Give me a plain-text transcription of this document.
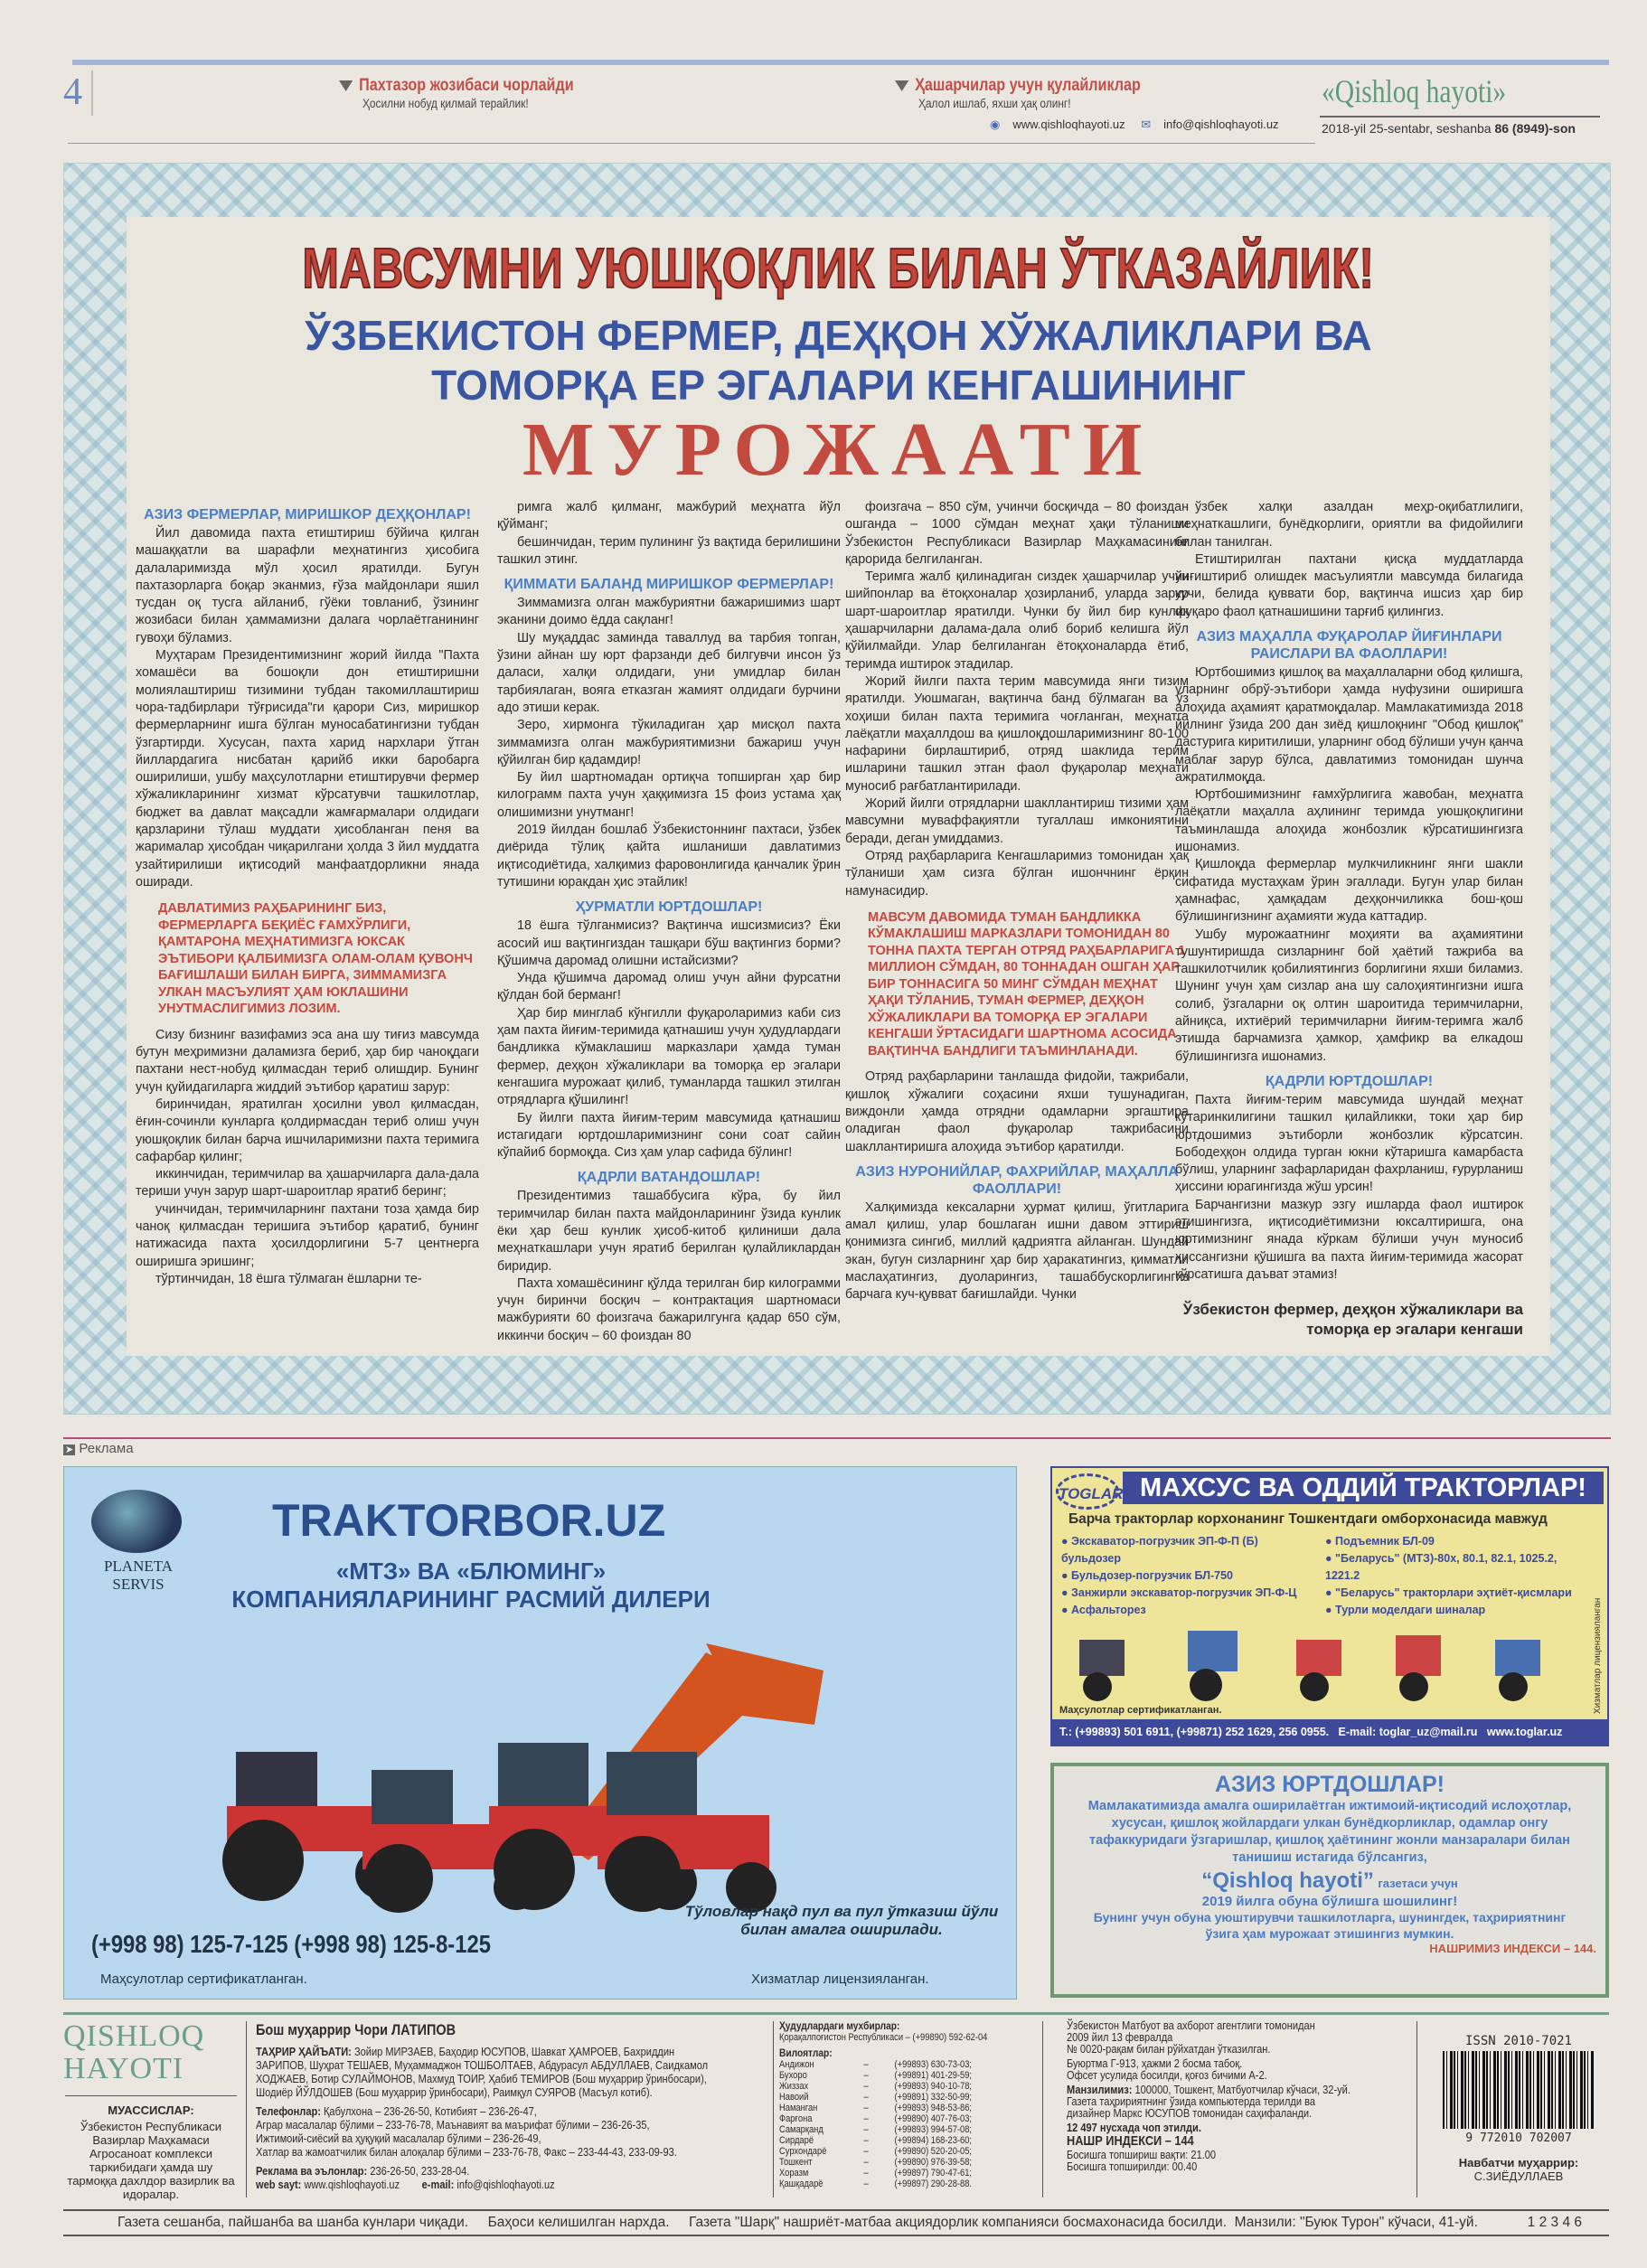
4	Пахтазор жозибаси чорлайди
Ҳосилни нобуд қилмай терайлик!
Ҳашарчилар учун қулайликлар
Ҳалол ишлаб, яхши ҳақ олинг!
◉ www.qishloqhayoti.uz ✉ info@qishloqhayoti.uz
«Qishloq hayoti»
2018-yil 25-sentabr, seshanba 86 (8949)-son
МАВСУМНИ УЮШҚОҚЛИК БИЛАН ЎТКАЗАЙЛИК!
ЎЗБЕКИСТОН ФЕРМЕР, ДЕҲҚОН ХЎЖАЛИКЛАРИ ВА
ТОМОРҚА ЕР ЭГАЛАРИ КЕНГАШИНИНГ
МУРОЖААТИ
АЗИЗ ФЕРМЕРЛАР, МИРИШКОР ДЕҲҚОНЛАР!

Йил давомида пахта етиштириш бўйича қилган машаққатли ва шарафли меҳнатингиз ҳисобига далаларимизда мўл ҳосил яратилди. Бугун пахтазорларга боқар эканмиз, ғўза майдонлари яшил тусдан оқ тусга айланиб, гўёки товланиб, ўзининг жозибаси билан ҳаммамизни далага чорлаётганининг гувоҳи бўламиз.

Муҳтарам Президентимизнинг жорий йилда "Пахта хомашёси ва бошоқли дон етиштиришни молиялаштириш тизимини тубдан такомиллаштириш чора-тадбирлари тўғрисида"ги қарори Сиз, миришкор фермерларнинг ишга бўлган муносабатингизни тубдан ўзгартирди. Хусусан, пахта харид нархлари ўтган йиллардагига нисбатан қарийб икки баробарга оширилиши, ушбу маҳсулотларни етиштирувчи фермер хўжаликларининг хизмат кўрсатувчи ташкилотлар, бюджет ва давлат мақсадли жамғармалари олдидаги қарзларини тўлаш муддати ҳисобланган пеня ва жарималар ҳисобдан чиқарилгани ҳолда 3 йил муддатга узайтирилиши иқтисодий манфаатдорликни янада оширади.

ДАВЛАТИМИЗ РАҲБАРИНИНГ БИЗ, ФЕРМЕРЛАРГА БЕҚИЁС ҒАМХЎРЛИГИ, ҚАМТАРОНА МЕҲНАТИМИЗГА ЮКСАК ЭЪТИБОРИ ҚАЛБИМИЗГА ОЛАМ-ОЛАМ ҚУВОНЧ БАҒИШЛАШИ БИЛАН БИРГА, ЗИММАМИЗГА УЛКАН МАСЪУЛИЯТ ҲАМ ЮКЛАШИНИ УНУТМАСЛИГИМИЗ ЛОЗИМ.

Сизу бизнинг вазифамиз эса ана шу тиғиз мавсумда бутун меҳримизни даламизга бериб, ҳар бир чаноқдаги пахтани нест-нобуд қилмасдан териб олишдир. Бунинг учун қуйидагиларга жиддий эътибор қаратиш зарур:

биринчидан, яратилган ҳосилни увол қилмасдан, ёғин-сочинли кунларга қолдирмасдан териб олиш учун уюшқоқлик билан барча ишчиларимизни пахта теримига сафарбар қилинг;

иккинчидан, теримчилар ва ҳашарчиларга дала-дала териши учун зарур шарт-шароитлар яратиб беринг;

учинчидан, теримчиларнинг пахтани тоза ҳамда бир чаноқ қилмасдан теришига эътибор қаратиб, бунинг натижасида пахта ҳосилдорлигини 5-7 центнерга оширишга эришинг;

тўртинчидан, 18 ёшга тўлмаган ёшларни те-

римга жалб қилманг, мажбурий меҳнатга йўл қўйманг;

бешинчидан, терим пулининг ўз вақтида берилишини ташкил этинг.

ҚИММАТИ БАЛАНД МИРИШКОР ФЕРМЕРЛАР!

Зиммамизга олган мажбуриятни бажаришимиз шарт эканини доимо ёдда сақланг!

Шу муқаддас заминда таваллуд ва тарбия топган, ўзини айнан шу юрт фарзанди деб билгувчи инсон ўз даласи, халқи олдидаги, уни умидлар билан тарбиялаган, вояга етказган жамият олдидаги бурчини адо этиши керак.

Зеро, хирмонга тўкиладиган ҳар мисқол пахта зиммамизга олган мажбуриятимизни бажариш учун қўйилган бир қадамдир!

Бу йил шартномадан ортиқча топширган ҳар бир килограмм пахта учун ҳаққимизга 15 фоиз устама ҳақ олишимизни унутманг!

2019 йилдан бошлаб Ўзбекистоннинг пахтаси, ўзбек диёрида тўлиқ қайта ишланиши давлатимиз иқтисодиётида, халқимиз фаровонлигида қанчалик ўрин тутишини юракдан ҳис этайлик!

ҲУРМАТЛИ ЮРТДОШЛАР!

18 ёшга тўлганмисиз? Вақтинча ишсизмисиз? Ёки асосий иш вақтингиздан ташқари бўш вақтингиз борми? Қўшимча даромад олишни истайсизми?

Унда қўшимча даромад олиш учун айни фурсатни қўлдан бой берманг!

Ҳар бир минглаб кўнгилли фуқароларимиз каби сиз ҳам пахта йиғим-теримида қатнашиш учун ҳудудлардаги бандликка кўмаклашиш марказлари ҳамда туман фермер, деҳқон хўжаликлари ва томорқа ер эгалари кенгашига мурожаат қилиб, туманларда ташкил этилган отрядларга қўшилинг!

Бу йилги пахта йиғим-терим мавсумида қатнашиш истагидаги юртдошларимизнинг сони соат сайин кўпайиб бормоқда. Сиз ҳам улар сафида бўлинг!

ҚАДРЛИ ВАТАНДОШЛАР!

Президентимиз ташаббусига кўра, бу йил теримчилар билан пахта майдонларининг ўзида кунлик ёки ҳар беш кунлик ҳисоб-китоб қилиниши дала меҳнаткашлари учун яратиб берилган қулайликлардан биридир.

Пахта хомашёсининг қўлда терилган бир килограмми учун биринчи босқич – контрактация шартномаси мажбурияти 60 фоизгача бажарилгунга қадар 650 сўм, иккинчи босқич – 60 фоиздан 80

фоизгача – 850 сўм, учинчи босқичда – 80 фоиздан ошганда – 1000 сўмдан меҳнат ҳақи тўланиши Ўзбекистон Республикаси Вазирлар Маҳкамасининг қарорида белгиланган.

Теримга жалб қилинадиган сиздек ҳашарчилар учун шийпонлар ва ётоқхоналар ҳозирланиб, уларда зарур шарт-шароитлар яратилди. Чунки бу йил бир кунлик ҳашарчиларни далама-дала олиб бориб келишга йўл қўйилмайди. Улар белгиланган ётоқхоналарда ётиб, теримда иштирок этадилар.

Жорий йилги пахта терим мавсумида янги тизим яратилди. Уюшмаган, вақтинча банд бўлмаган ва ўз хоҳиши билан пахта теримига чоғланган, меҳнатга лаёқатли маҳаллдош ва қишлоқдошларимизнинг 80-100 нафарини бирлаштириб, отряд шаклида терим ишларини ташкил этган фаол фуқаролар меҳнати муносиб рағбатлантирилади.

Жорий йилги отрядларни шакллантириш тизими ҳам мавсумни муваффақиятли тугаллаш имкониятини беради, деган умиддамиз.

Отряд раҳбарларига Кенгашларимиз томонидан ҳақ тўланиши ҳам сизга бўлган ишончнинг ёрқин намунасидир.

МАВСУМ ДАВОМИДА ТУМАН БАНДЛИККА КЎМАКЛАШИШ МАРКАЗЛАРИ ТОМОНИДАН 80 ТОННА ПАХТА ТЕРГАН ОТРЯД РАҲБАРЛАРИГА 1 МИЛЛИОН СЎМДАН, 80 ТОННАДАН ОШГАН ҲАР БИР ТОННАСИГА 50 МИНГ СЎМДАН МЕҲНАТ ҲАҚИ ТЎЛАНИБ, ТУМАН ФЕРМЕР, ДЕҲҚОН ХЎЖАЛИКЛАРИ ВА ТОМОРҚА ЕР ЭГАЛАРИ КЕНГАШИ ЎРТАСИДАГИ ШАРТНОМА АСОСИДА ВАҚТИНЧА БАНДЛИГИ ТАЪМИНЛАНАДИ.

Отряд раҳбарларини танлашда фидойи, тажрибали, қишлоқ хўжалиги соҳасини яхши тушунадиган, виждонли ҳамда отрядни одамларни эргаштира оладиган фаол фуқаролар тажрибасини шакллантиришга алоҳида эътибор қаратилди.

АЗИЗ НУРОНИЙЛАР, ФАХРИЙЛАР, МАҲАЛЛА ФАОЛЛАРИ!

Халқимизда кексаларни ҳурмат қилиш, ўгитларига амал қилиш, улар бошлаган ишни давом эттириш қонимизга сингиб, миллий қадриятга айланган. Шундай экан, бугун сизларнинг ҳар бир ҳаракатингиз, қимматли маслаҳатингиз, дуоларингиз, ташаббускорлигингиз барчага куч-қувват бағишлайди. Чунки

ўзбек халқи азалдан меҳр-оқибатлилиги, меҳнаткашлиги, бунёдкорлиги, ориятли ва фидойилиги билан танилган.

Етиштирилган пахтани қисқа муддатларда йиғиштириб олишдек масъулиятли мавсумда билагида кучи, белида қуввати бор, вақтинча ишсиз ҳар бир фуқаро фаол қатнашишини тарғиб қилингиз.

АЗИЗ МАҲАЛЛА ФУҚАРОЛАР ЙИҒИНЛАРИ РАИСЛАРИ ВА ФАОЛЛАРИ!

Юртбошимиз қишлоқ ва маҳаллаларни обод қилишга, уларнинг обрў-эътибори ҳамда нуфузини оширишга алоҳида аҳамият қаратмоқдалар. Мамлакатимизда 2018 йилнинг ўзида 200 дан зиёд қишлоқнинг "Обод қишлоқ" дастурига киритилиши, уларнинг обод бўлиши учун қанча маблағ зарур бўлса, давлатимиз томонидан шунча ажратилмоқда.

Юртбошимизнинг ғамхўрлигига жавобан, меҳнатга лаёқатли маҳалла аҳлининг теримда уюшқоқлигини таъминлашда алоҳида жонбозлик кўрсатишингизга ишонамиз.

Қишлоқда фермерлар мулкчиликнинг янги шакли сифатида мустаҳкам ўрин эгаллади. Бугун улар билан ҳамнафас, ҳамқадам деҳқончиликка бош-қош бўлишингизнинг аҳамияти жуда каттадир.

Ушбу мурожаатнинг моҳияти ва аҳамиятини тушунтиришда сизларнинг бой ҳаётий тажриба ва ташкилотчилик қобилиятингиз борлигини яхши биламиз. Шунинг учун ҳам сизлар ана шу салоҳиятингизни ишга солиб, ўзгаларни оқ олтин шароитида теримчиларни, айниқса, ихтиёрий теримчиларни йиғим-теримга жалб этишда барчамизга ҳамкор, ҳамфикр ва елкадош бўлишингизга ишонамиз.

ҚАДРЛИ ЮРТДОШЛАР!

Пахта йиғим-терим мавсумида шундай меҳнат кўтаринкилигини ташкил қилайликки, токи ҳар бир юртдошимиз эътиборли жонбозлик кўрсатсин. Бободеҳқон олдида турган юкни кўтаришга камарбаста бўлиш, уларнинг зафарларидан фахрланиш, ғурурланиш ҳиссини юрагингизда жўш урсин!

Барчангизни мазкур эзгу ишларда фаол иштирок этишингизга, иқтисодиётимизни юксалтиришга, она юртимизнинг янада кўркам бўлиши учун муносиб ҳиссангизни қўшишга ва пахта йиғим-теримида жасорат кўрсатишга даъват этамиз!

Ўзбекистон фермер, деҳқон хўжаликлари ва томорқа ер эгалари кенгаши
➤ Реклама
PLANETA SERVIS
TRAKTORBOR.UZ
«МТЗ» ВА «БЛЮМИНГ»
КОМПАНИЯЛАРИНИНГ РАСМИЙ ДИЛЕРИ
(+998 98) 125-7-125 (+998 98) 125-8-125
Тўловлар нақд пул ва пул ўтказиш йўли билан амалга оширилади.
Маҳсулотлар сертификатланган.	Хизматлар лицензияланган.
TOGLAR МАХСУС ВА ОДДИЙ ТРАКТОРЛАР!
Барча тракторлар корхонанинг Тошкентдаги омборхонасида мавжуд
● Экскаватор-погрузчик ЭП-Ф-П (Б) бульдозер
● Бульдозер-погрузчик БЛ-750
● Занжирли экскаватор-погрузчик ЭП-Ф-Ц
● Асфальторез
● Подъемник БЛ-09
● "Беларусь" (МТЗ)-80х, 80.1, 82.1, 1025.2, 1221.2
● "Беларусь" тракторлари эҳтиёт-қисмлари
● Турли моделдаги шиналар
Маҳсулотлар сертификатланган.	Хизматлар лицензияланган
Т.: (+99893) 501 6911, (+99871) 252 1629, 256 0955.   E-mail: toglar_uz@mail.ru   www.toglar.uz
АЗИЗ ЮРТДОШЛАР!
Мамлакатимизда амалга оширилаётган ижтимоий-иқтисодий ислоҳотлар, хусусан, қишлоқ жойлардаги улкан бунёдкорликлар, одамлар онгу тафаккуридаги ўзгаришлар, қишлоқ ҳаётининг жонли манзаралари билан танишиш истагида бўлсангиз,
“Qishloq hayoti” газетаси учун
2019 йилга обуна бўлишга шошилинг!
Бунинг учун обуна уюштирувчи ташкилотларга, шунингдек, таҳририятнинг ўзига ҳам мурожаат этишингиз мумкин.
НАШРИМИЗ ИНДЕКСИ – 144.
QISHLOQ HAYOTI
МУАССИСЛАР:
Ўзбекистон Республикаси Вазирлар Маҳкамаси Агросаноат комплекси таркибидаги ҳамда шу тармоққа дахлдор вазирлик ва идоралар.
Бош муҳаррир Чори ЛАТИПОВ
ТАҲРИР ҲАЙЪАТИ: Зойир МИРЗАЕВ, Баҳодир ЮСУПОВ, Шавкат ҲАМРОЕВ, Бахриддин ЗАРИПОВ, Шуҳрат ТЕШАЕВ, Муҳаммаджон ТОШБОЛТАЕВ, Абдурасул АБДУЛЛАЕВ, Саидкамол ХОДЖАЕВ, Ботир СУЛАЙМОНОВ, Махмуд ТОИР, Ҳабиб ТЕМИРОВ (Бош муҳаррир ўринбосари), Шодиёр ЙЎЛДОШЕВ (Бош муҳаррир ўринбосари), Раимқул СУЯРОВ (Масъул котиб).
Телефонлар: Қабулхона – 236-26-50, Котибият – 236-26-47,
Аграр масалалар бўлими – 233-76-78, Маънавият ва маърифат бўлими – 236-26-35,
Ижтимоий-сиёсий ва ҳуқуқий масалалар бўлими – 236-26-49,
Хатлар ва жамоатчилик билан алоқалар бўлими – 233-76-78, Факс – 233-44-43, 233-09-93.
Реклама ва эълонлар: 236-26-50, 233-28-04.
web sayt: www.qishloqhayoti.uz e-mail: info@qishloqhayoti.uz
Ҳудудлардаги мухбирлар:
Қорақалпоғистон Республикаси – (+99890) 592-62-04
Вилоятлар:
Андижон	–	(+99893) 630-73-03;
Бухоро	–	(+99891) 401-29-59;
Жиззах	–	(+99893) 940-10-78;
Навоий	–	(+99891) 332-50-99;
Наманган	–	(+99893) 948-53-86;
Фарғона	–	(+99890) 407-76-03;
Самарқанд	–	(+99893) 994-57-08;
Сирдарё	–	(+99894) 168-23-60;
Сурхондарё	–	(+99890) 520-20-05;
Тошкент	–	(+99890) 976-39-58;
Хоразм	–	(+99897) 790-47-61;
Қашқадарё	–	(+99897) 290-28-88.
Ўзбекистон Матбуот ва ахборот агентлиги томонидан
2009 йил 13 февралда
№ 0020-рақам билан рўйхатдан ўтказилган.
Буюртма Г-913, ҳажми 2 босма табоқ.
Офсет усулида босилди, қоғоз бичими А-2.
Манзилимиз: 100000, Тошкент, Матбуотчилар кўчаси, 32-уй.
Газета таҳририятнинг ўзида компьютерда терилди ва
дизайнер Маркс ЮСУПОВ томонидан саҳифаланди.
12 497 нусхада чоп этилди.
НАШР ИНДЕКСИ – 144
Босишга топшириш вақти: 21.00
Босишга топширилди: 00.40
ISSN 2010-7021
9 772010 702007
Навбатчи муҳаррир:
С.ЗИЁДУЛЛАЕВ
Газета сешанба, пайшанба ва шанба кунлари чиқади.     Баҳоси келишилган нархда.     Газета "Шарқ" нашриёт-матбаа акциядорлик компанияси босмахонасида босилди.  Манзили: "Буюк Турон" кўчаси, 41-уй.	1 2 3 4 6
